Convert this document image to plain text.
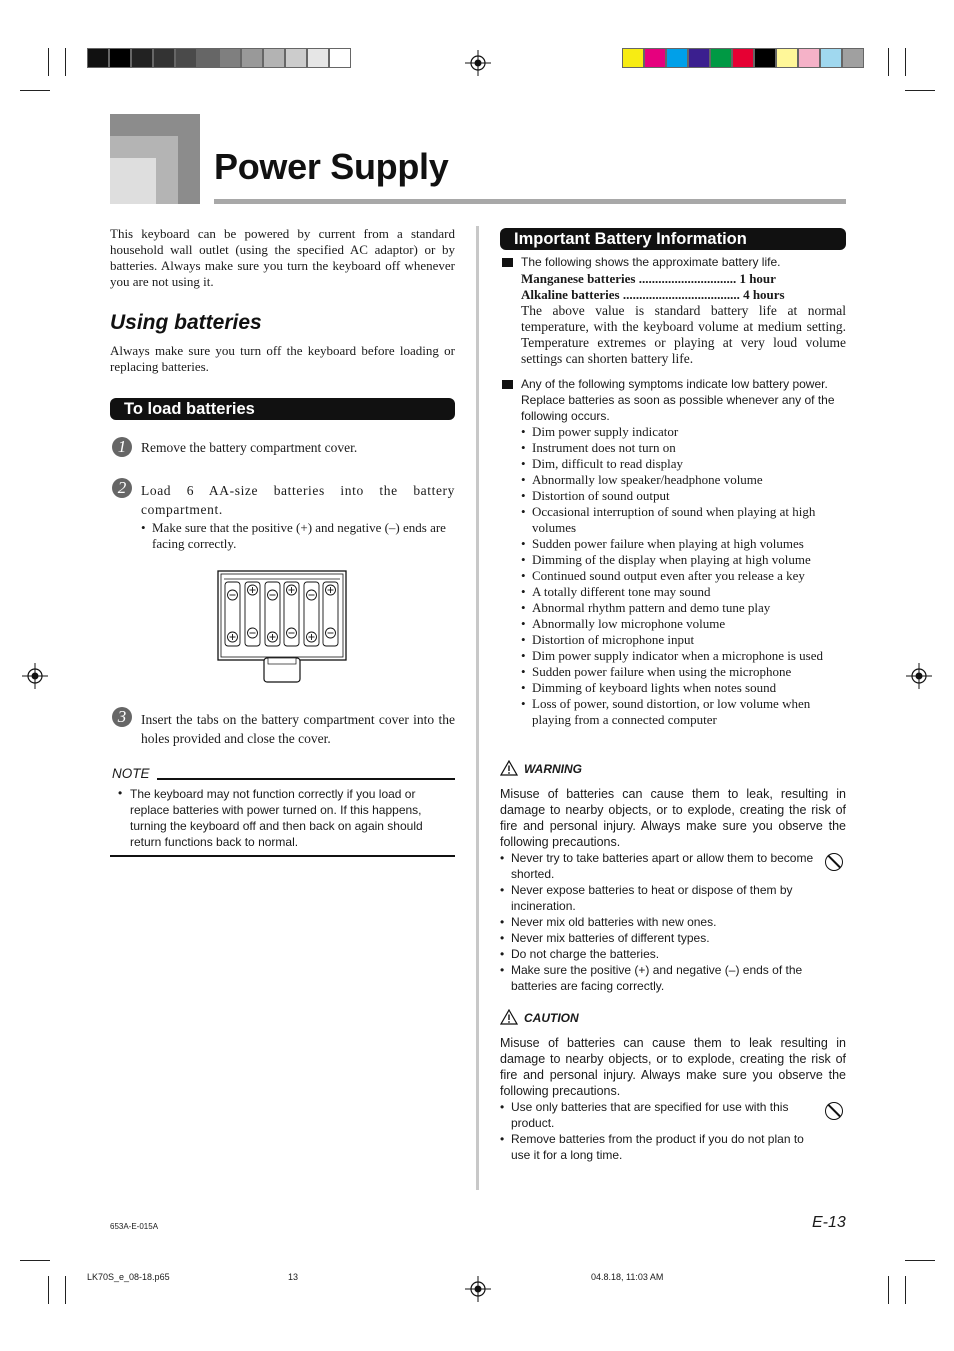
Power Supply
This keyboard can be powered by current from a standard household wall outlet (using the specified AC adaptor) or by batteries. Always make sure you turn the keyboard off whenever you are not using it.
Using batteries
Always make sure you turn off the keyboard before loading or replacing batteries.
To load batteries
1	Remove the battery compartment cover.
2	Load 6 AA-size batteries into the battery compartment.
• Make sure that the positive (+) and negative (–) ends are facing correctly.
3	Insert the tabs on the battery compartment cover into the holes provided and close the cover.
NOTE
• The keyboard may not function correctly if you load or replace batteries with power turned on. If this happens, turning the keyboard off and then back on again should return functions back to normal.
Important Battery Information
The following shows the approximate battery life.
Manganese batteries .............................. 1 hour
Alkaline batteries .................................... 4 hours
The above value is standard battery life at normal temperature, with the keyboard volume at medium setting. Temperature extremes or playing at very loud volume settings can shorten battery life.
Any of the following symptoms indicate low battery power. Replace batteries as soon as possible whenever any of the following occurs.
• Dim power supply indicator
• Instrument does not turn on
• Dim, difficult to read display
• Abnormally low speaker/headphone volume
• Distortion of sound output
• Occasional interruption of sound when playing at high volumes
• Sudden power failure when playing at high volumes
• Dimming of the display when playing at high volume
• Continued sound output even after you release a key
• A totally different tone may sound
• Abnormal rhythm pattern and demo tune play
• Abnormally low microphone volume
• Distortion of microphone input
• Dim power supply indicator when a microphone is used
• Sudden power failure when using the microphone
• Dimming of keyboard lights when notes sound
• Loss of power, sound distortion, or low volume when playing from a connected computer
WARNING
Misuse of batteries can cause them to leak, resulting in damage to nearby objects, or to explode, creating the risk of fire and personal injury. Always make sure you observe the following precautions.
• Never try to take batteries apart or allow them to become shorted.
• Never expose batteries to heat or dispose of them by incineration.
• Never mix old batteries with new ones.
• Never mix batteries of different types.
• Do not charge the batteries.
• Make sure the positive (+) and negative (–) ends of the batteries are facing correctly.
CAUTION
Misuse of batteries can cause them to leak resulting in damage to nearby objects, or to explode, creating the risk of fire and personal injury. Always make sure you observe the following precautions.
• Use only batteries that are specified for use with this product.
• Remove batteries from the product if you do not plan to use it for a long time.
653A-E-015A	E-13
LK70S_e_08-18.p65	13	04.8.18, 11:03 AM
